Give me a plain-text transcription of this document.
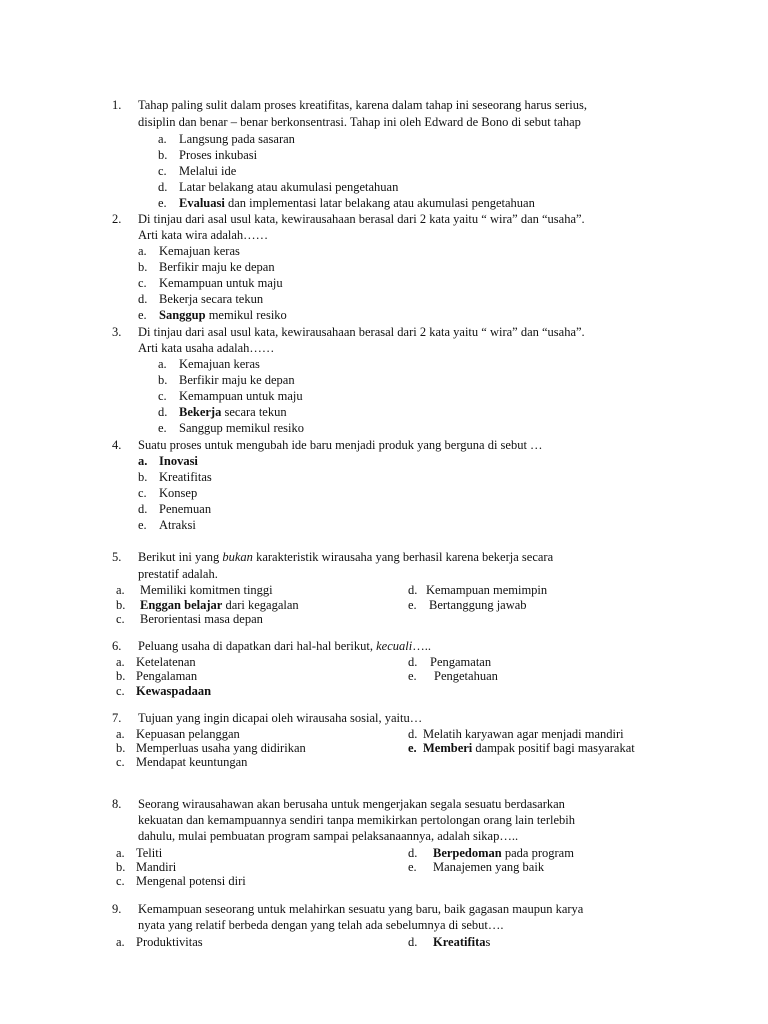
1. Tahap paling sulit dalam proses kreatifitas, karena dalam tahap ini seseorang harus serius,
disiplin dan benar – benar berkonsentrasi. Tahap ini oleh Edward de Bono di sebut tahap
a. Langsung pada sasaran
b. Proses inkubasi
c. Melalui ide
d. Latar belakang atau akumulasi pengetahuan
e. Evaluasi dan implementasi latar belakang atau akumulasi pengetahuan
2. Di tinjau dari asal usul kata, kewirausahaan berasal dari 2 kata yaitu “ wira” dan “usaha”.
Arti kata wira adalah……
a. Kemajuan keras
b. Berfikir maju ke depan
c. Kemampuan untuk maju
d. Bekerja secara tekun
e. Sanggup memikul resiko
3. Di tinjau dari asal usul kata, kewirausahaan berasal dari 2 kata yaitu “ wira” dan “usaha”.
Arti kata usaha adalah……
a. Kemajuan keras
b. Berfikir maju ke depan
c. Kemampuan untuk maju
d. Bekerja secara tekun
e. Sanggup memikul resiko
4. Suatu proses untuk mengubah ide baru menjadi produk yang berguna di sebut …
a. Inovasi
b. Kreatifitas
c. Konsep
d. Penemuan
e. Atraksi
5. Berikut ini yang bukan karakteristik wirausaha yang berhasil karena bekerja secara
prestatif adalah.
a. Memiliki komitmen tinggi	d. Kemampuan memimpin
b. Enggan belajar dari kegagalan	e. Bertanggung jawab
c. Berorientasi masa depan
6. Peluang usaha di dapatkan dari hal-hal berikut, kecuali…..
a. Ketelatenan	d. Pengamatan
b. Pengalaman	e. Pengetahuan
c. Kewaspadaan
7. Tujuan yang ingin dicapai oleh wirausaha sosial, yaitu…
a. Kepuasan pelanggan	d. Melatih karyawan agar menjadi mandiri
b. Memperluas usaha yang didirikan	e. Memberi dampak positif bagi masyarakat
c. Mendapat keuntungan
8. Seorang wirausahawan akan berusaha untuk mengerjakan segala sesuatu berdasarkan
kekuatan dan kemampuannya sendiri tanpa memikirkan pertolongan orang lain terlebih
dahulu, mulai pembuatan program sampai pelaksanaannya, adalah sikap…..
a. Teliti	d. Berpedoman pada program
b. Mandiri	e. Manajemen yang baik
c. Mengenal potensi diri
9. Kemampuan seseorang untuk melahirkan sesuatu yang baru, baik gagasan maupun karya
nyata yang relatif berbeda dengan yang telah ada sebelumnya di sebut….
a. Produktivitas	d. Kreatifitas
